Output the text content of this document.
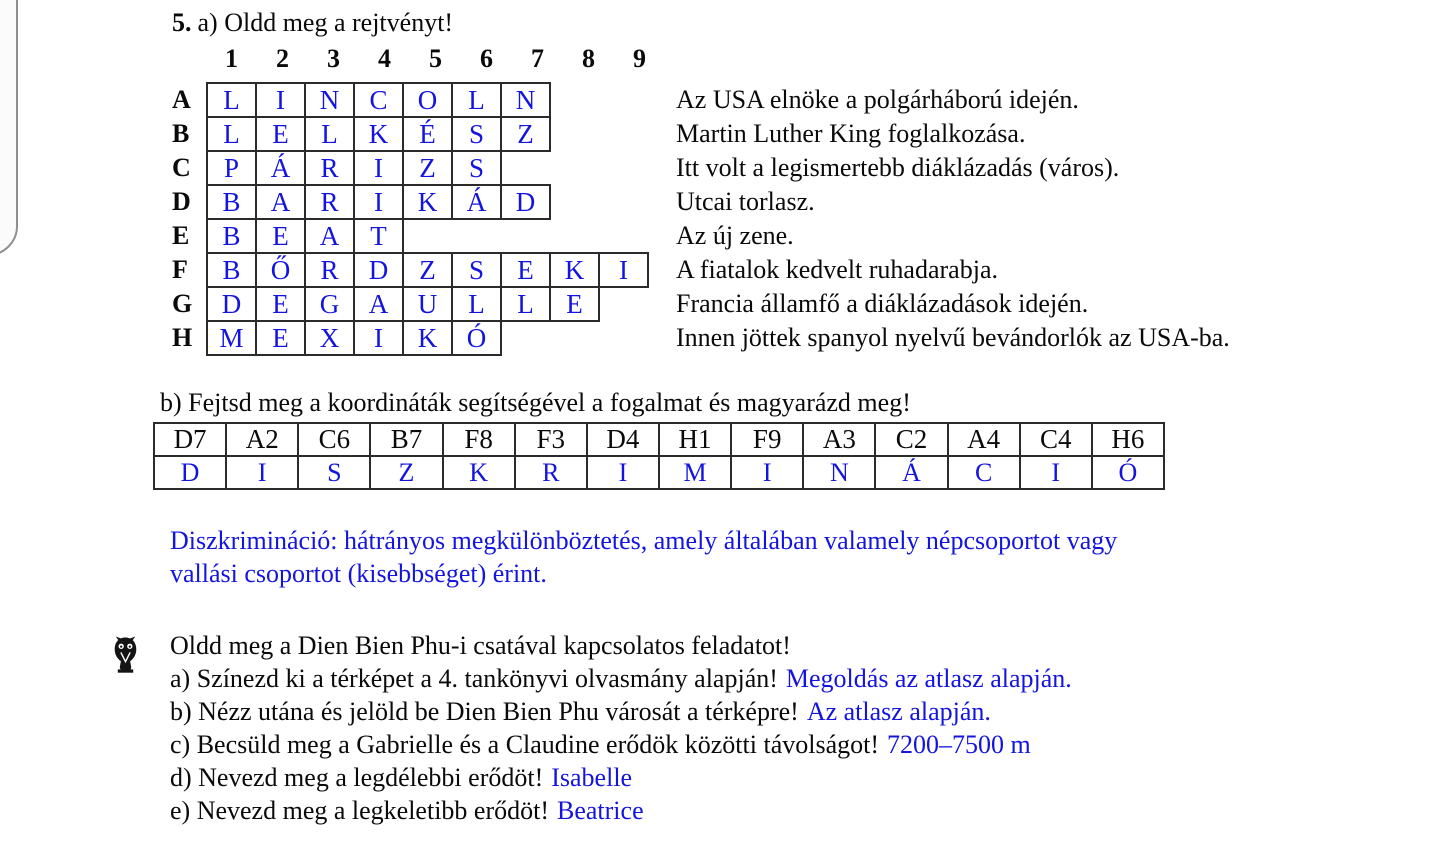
5. a) Oldd meg a rejtvényt!
1	2	3	4	5	6	7	8	9
A	L I N C O L N	Az USA elnöke a polgárháború idején.
B	L E L K É S Z	Martin Luther King foglalkozása.
C	P Á R I Z S	Itt volt a legismertebb diáklázadás (város).
D	B A R I K Á D	Utcai torlasz.
E	B E A T	Az új zene.
F	B Ő R D Z S E K I	A fiatalok kedvelt ruhadarabja.
G	D E G A U L L E	Francia államfő a diáklázadások idején.
H	M E X I K Ó	Innen jöttek spanyol nyelvű bevándorlók az USA-ba.
b) Fejtsd meg a koordináták segítségével a fogalmat és magyarázd meg!
D7	A2	C6	B7	F8	F3	D4	H1	F9	A3	C2	A4	C4	H6
D	I	S	Z	K	R	I	M	I	N	Á	C	I	Ó
Diszkrimináció: hátrányos megkülönböztetés, amely általában valamely népcsoportot vagy
vallási csoportot (kisebbséget) érint.
Oldd meg a Dien Bien Phu-i csatával kapcsolatos feladatot!
a) Színezd ki a térképet a 4. tankönyvi olvasmány alapján! Megoldás az atlasz alapján.
b) Nézz utána és jelöld be Dien Bien Phu városát a térképre! Az atlasz alapján.
c) Becsüld meg a Gabrielle és a Claudine erődök közötti távolságot! 7200–7500 m
d) Nevezd meg a legdélebbi erődöt! Isabelle
e) Nevezd meg a legkeletibb erődöt! Beatrice
